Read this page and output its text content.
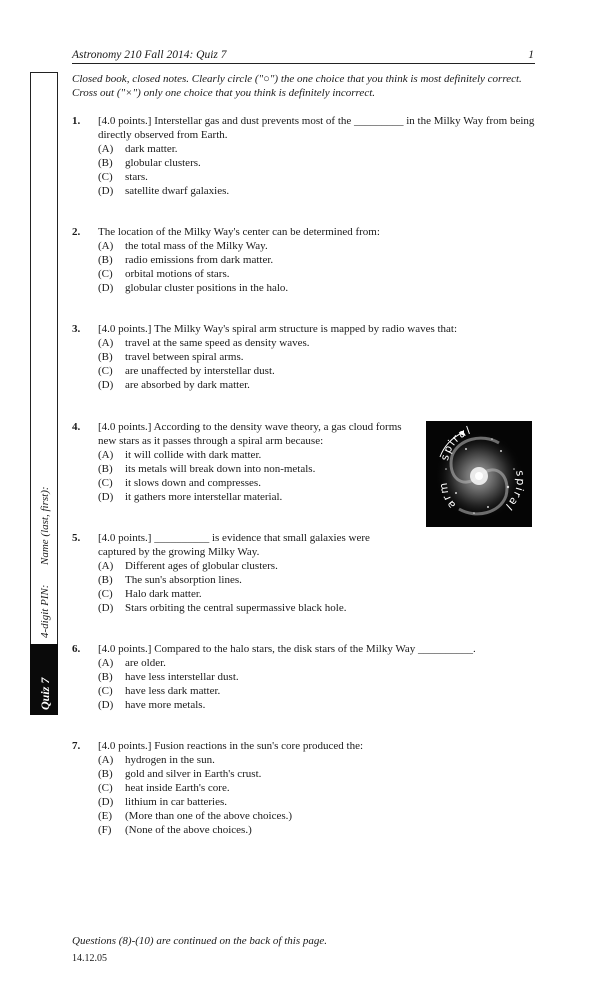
Astronomy 210 Fall 2014: Quiz 7	1
Quiz 7
4-digit PIN:
Name (last, first):
Closed book, closed notes. Clearly circle ("○") the one choice that you think is most definitely correct. Cross out ("×") only one choice that you think is definitely incorrect.
1. [4.0 points.] Interstellar gas and dust prevents most of the _________ in the Milky Way from being directly observed from Earth.
(A)	dark matter.
(B)	globular clusters.
(C)	stars.
(D)	satellite dwarf galaxies.
2. The location of the Milky Way's center can be determined from:
(A)	the total mass of the Milky Way.
(B)	radio emissions from dark matter.
(C)	orbital motions of stars.
(D)	globular cluster positions in the halo.
3. [4.0 points.] The Milky Way's spiral arm structure is mapped by radio waves that:
(A)	travel at the same speed as density waves.
(B)	travel between spiral arms.
(C)	are unaffected by interstellar dust.
(D)	are absorbed by dark matter.
4. [4.0 points.] According to the density wave theory, a gas cloud forms new stars as it passes through a spiral arm because:
(A)	it will collide with dark matter.
(B)	its metals will break down into non-metals.
(C)	it slows down and compresses.
(D)	it gathers more interstellar material.
spiral
spiral
arm
5. [4.0 points.] __________ is evidence that small galaxies were captured by the growing Milky Way.
(A)	Different ages of globular clusters.
(B)	The sun's absorption lines.
(C)	Halo dark matter.
(D)	Stars orbiting the central supermassive black hole.
6. [4.0 points.] Compared to the halo stars, the disk stars of the Milky Way __________.
(A)	are older.
(B)	have less interstellar dust.
(C)	have less dark matter.
(D)	have more metals.
7. [4.0 points.] Fusion reactions in the sun's core produced the:
(A)	hydrogen in the sun.
(B)	gold and silver in Earth's crust.
(C)	heat inside Earth's core.
(D)	lithium in car batteries.
(E)	(More than one of the above choices.)
(F)	(None of the above choices.)
Questions (8)-(10) are continued on the back of this page.
14.12.05
